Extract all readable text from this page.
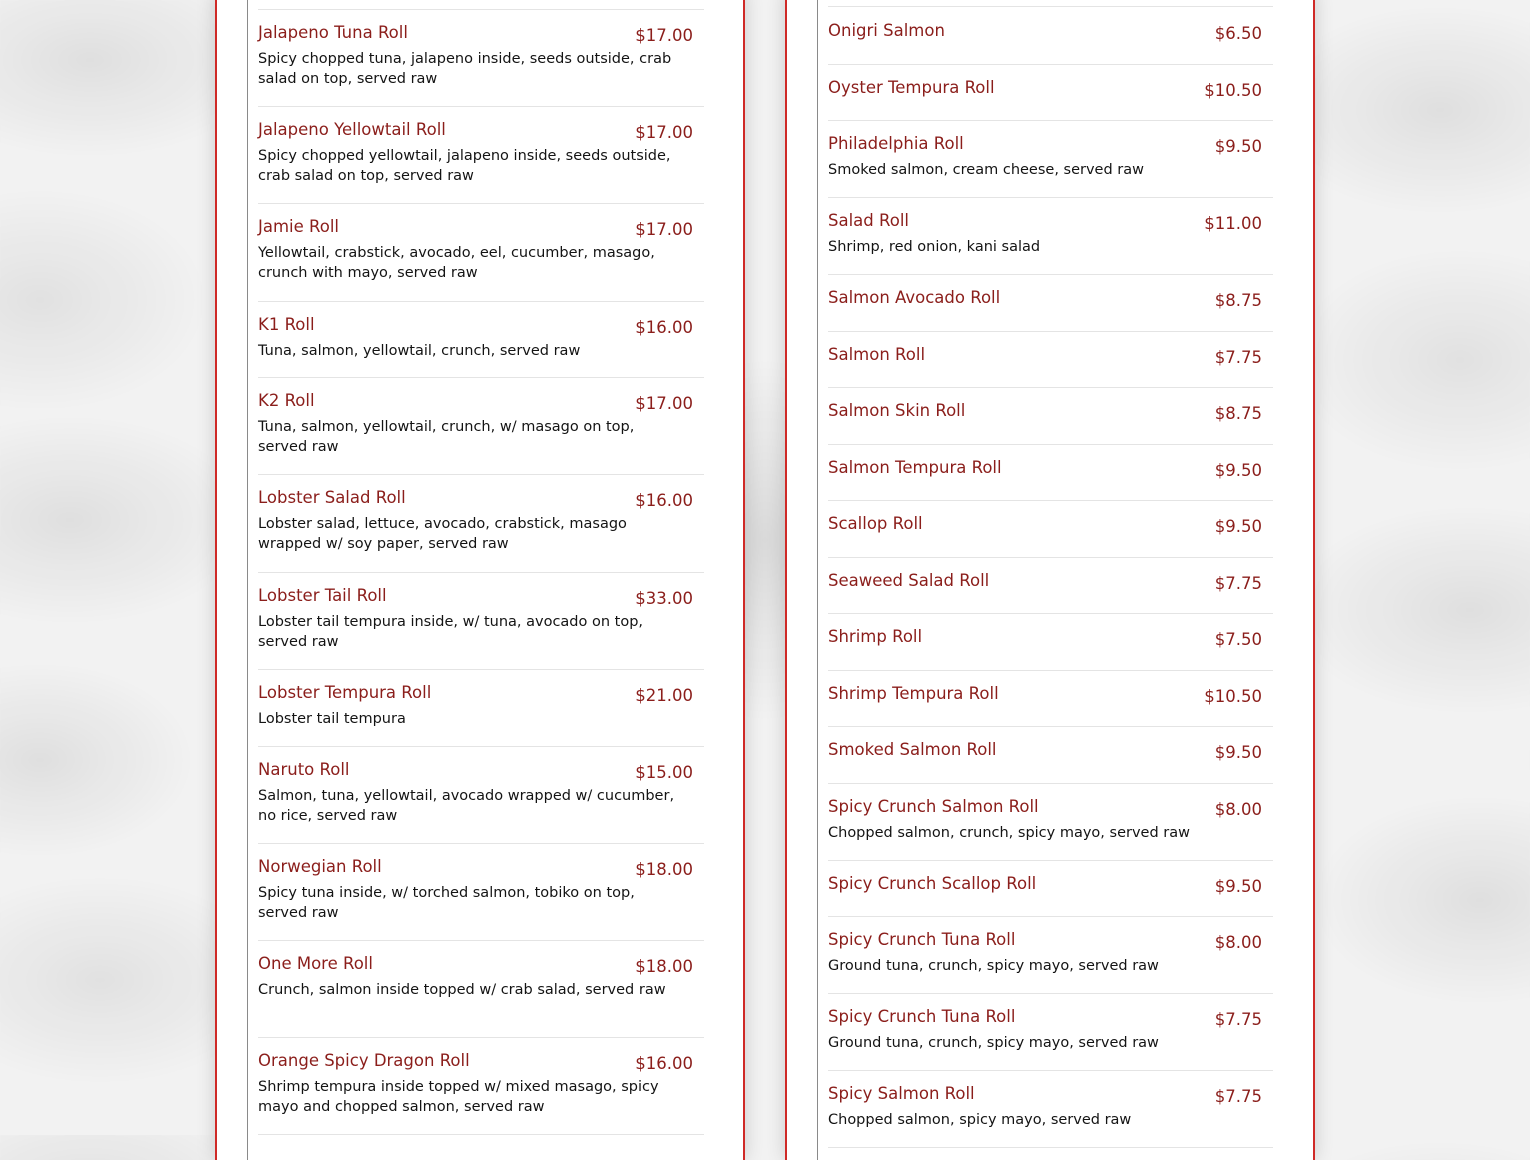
Jalapeno Tuna Roll	$17.00
Spicy chopped tuna, jalapeno inside, seeds outside, crab salad on top, served raw
Jalapeno Yellowtail Roll	$17.00
Spicy chopped yellowtail, jalapeno inside, seeds outside, crab salad on top, served raw
Jamie Roll	$17.00
Yellowtail, crabstick, avocado, eel, cucumber, masago, crunch with mayo, served raw
K1 Roll	$16.00
Tuna, salmon, yellowtail, crunch, served raw
K2 Roll	$17.00
Tuna, salmon, yellowtail, crunch, w/ masago on top, served raw
Lobster Salad Roll	$16.00
Lobster salad, lettuce, avocado, crabstick, masago wrapped w/ soy paper, served raw
Lobster Tail Roll	$33.00
Lobster tail tempura inside, w/ tuna, avocado on top, served raw
Lobster Tempura Roll	$21.00
Lobster tail tempura
Naruto Roll	$15.00
Salmon, tuna, yellowtail, avocado wrapped w/ cucumber, no rice, served raw
Norwegian Roll	$18.00
Spicy tuna inside, w/ torched salmon, tobiko on top, served raw
One More Roll	$18.00
Crunch, salmon inside topped w/ crab salad, served raw
Orange Spicy Dragon Roll	$16.00
Shrimp tempura inside topped w/ mixed masago, spicy mayo and chopped salmon, served raw
Onigri Salmon	$6.50
Oyster Tempura Roll	$10.50
Philadelphia Roll	$9.50
Smoked salmon, cream cheese, served raw
Salad Roll	$11.00
Shrimp, red onion, kani salad
Salmon Avocado Roll	$8.75
Salmon Roll	$7.75
Salmon Skin Roll	$8.75
Salmon Tempura Roll	$9.50
Scallop Roll	$9.50
Seaweed Salad Roll	$7.75
Shrimp Roll	$7.50
Shrimp Tempura Roll	$10.50
Smoked Salmon Roll	$9.50
Spicy Crunch Salmon Roll	$8.00
Chopped salmon, crunch, spicy mayo, served raw
Spicy Crunch Scallop Roll	$9.50
Spicy Crunch Tuna Roll	$8.00
Ground tuna, crunch, spicy mayo, served raw
Spicy Crunch Tuna Roll	$7.75
Ground tuna, crunch, spicy mayo, served raw
Spicy Salmon Roll	$7.75
Chopped salmon, spicy mayo, served raw
